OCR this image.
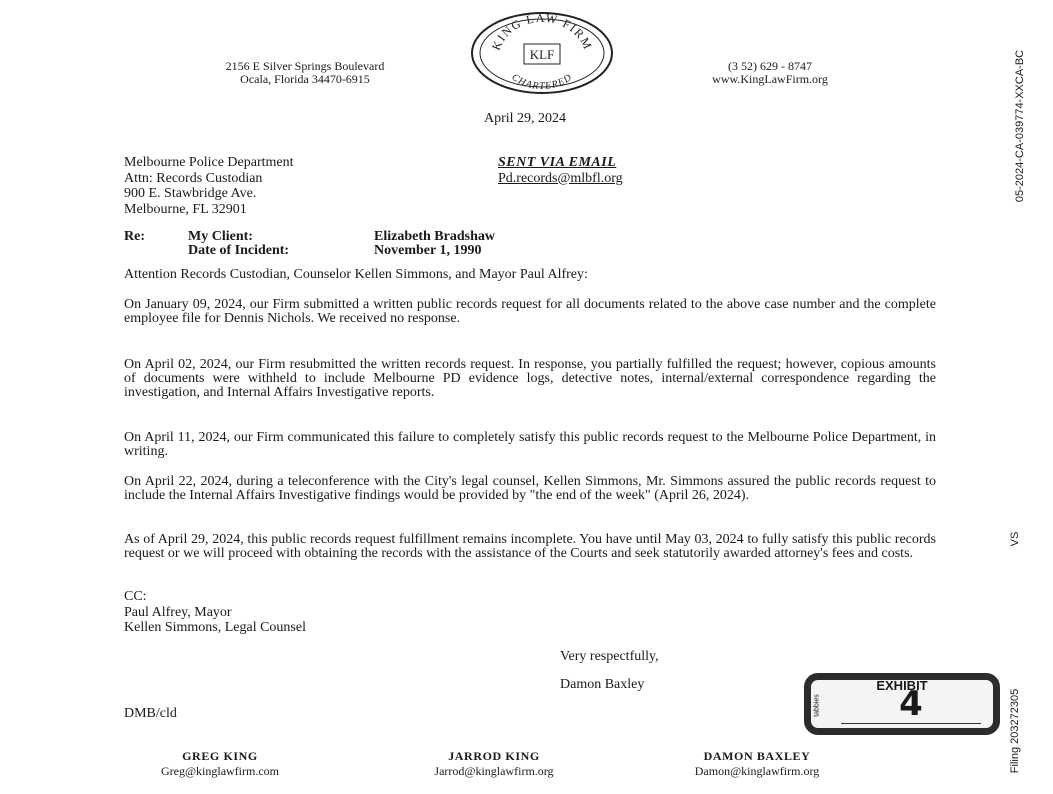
2156 E Silver Springs Boulevard
Ocala, Florida 34470-6915
KING LAW FIRM
CHARTERED
KLF
(3 52) 629 - 8747
www.KingLawFirm.org
April 29, 2024
Melbourne Police Department
Attn: Records Custodian
900 E. Stawbridge Ave.
Melbourne, FL 32901
SENT VIA EMAIL
Pd.records@mlbfl.org
Re:	My Client:	Elizabeth Bradshaw
Date of Incident:	November 1, 1990
Attention Records Custodian, Counselor Kellen Simmons, and Mayor Paul Alfrey:
On January 09, 2024, our Firm submitted a written public records request for all documents related to the above case number and the complete employee file for Dennis Nichols. We received no response.
On April 02, 2024, our Firm resubmitted the written records request. In response, you partially fulfilled the request; however, copious amounts of documents were withheld to include Melbourne PD evidence logs, detective notes, internal/external correspondence regarding the investigation, and Internal Affairs Investigative reports.
On April 11, 2024, our Firm communicated this failure to completely satisfy this public records request to the Melbourne Police Department, in writing.
On April 22, 2024, during a teleconference with the City's legal counsel, Kellen Simmons, Mr. Simmons assured the public records request to include the Internal Affairs Investigative findings would be provided by "the end of the week" (April 26, 2024).
As of April 29, 2024, this public records request fulfillment remains incomplete. You have until May 03, 2024 to fully satisfy this public records request or we will proceed with obtaining the records with the assistance of the Courts and seek statutorily awarded attorney's fees and costs.
CC:
Paul Alfrey, Mayor
Kellen Simmons, Legal Counsel
Very respectfully,
Damon Baxley
DMB/cld
EXHIBIT
tabbies	4
GREG KING
Greg@kinglawfirm.com
JARROD KING
Jarrod@kinglawfirm.org
DAMON BAXLEY
Damon@kinglawfirm.org
05-2024-CA-039774-XXCA-BC
VS
Filing 203272305
